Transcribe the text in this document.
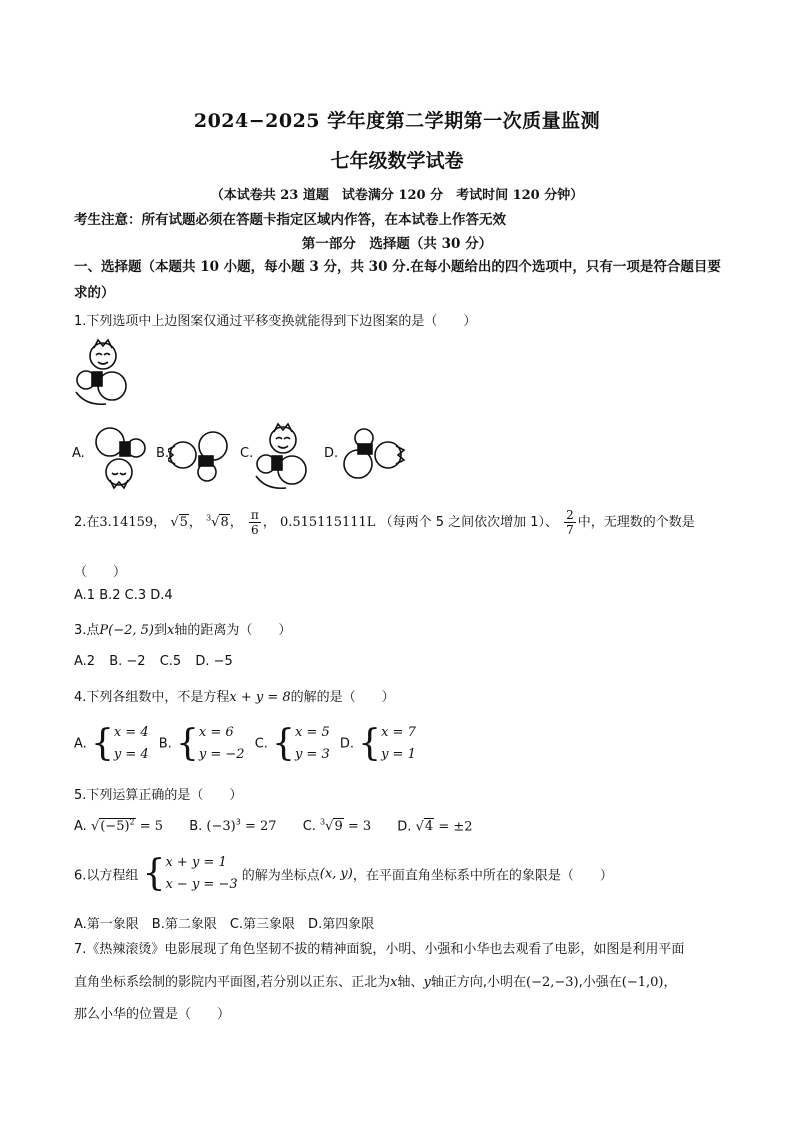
2024−2025 学年度第二学期第一次质量监测
七年级数学试卷
（本试卷共 23 道题　试卷满分 120 分　考试时间 120 分钟）
考生注意：所有试题必须在答题卡指定区域内作答，在本试卷上作答无效
第一部分　选择题（共 30 分）
一、选择题（本题共 10 小题，每小题 3 分，共 30 分.在每小题给出的四个选项中，只有一项是符合题目要求的）
1.下列选项中上边图案仅通过平移变换就能得到下边图案的是（　　）
A.	B.	C.	D.
2.在3.14159， √5， $^3$√8， $\frac{\pi}{6}$ ， 0.515115111L （每两个 5 之间依次增加 1）、 $\frac{2}{7}$ 中，无理数的个数是
（　　）
A.1 B.2 C.3 D.4
3.点P(−2, 5)到x轴的距离为（　　）
A.2 B. −2 C.5 D. −5
4.下列各组数中，不是方程x + y = 8的解的是（　　）
A. { x = 4
y = 4
B. { x = 6
y = −2
C. { x = 5
y = 3
D. { x = 7
y = 1
5.下列运算正确的是（　　）
A. $√(-5)^2 = 5$ B. $(-3)^3 = 27$ C. $^3$√9 = 3 D. √4 = ±2
6.以方程组 { x + y = 1
x − y = −3
的解为坐标点(x, y)，在平面直角坐标系中所在的象限是（　　）
A.第一象限　B.第二象限　C.第三象限　D.第四象限
7.《热辣滚烫》电影展现了角色坚韧不拔的精神面貌，小明、小强和小华也去观看了电影，如图是利用平面
直角坐标系绘制的影院内平面图,若分别以正东、正北为x轴、y轴正方向,小明在(−2,−3),小强在(−1,0)，
那么小华的位置是（　　）
